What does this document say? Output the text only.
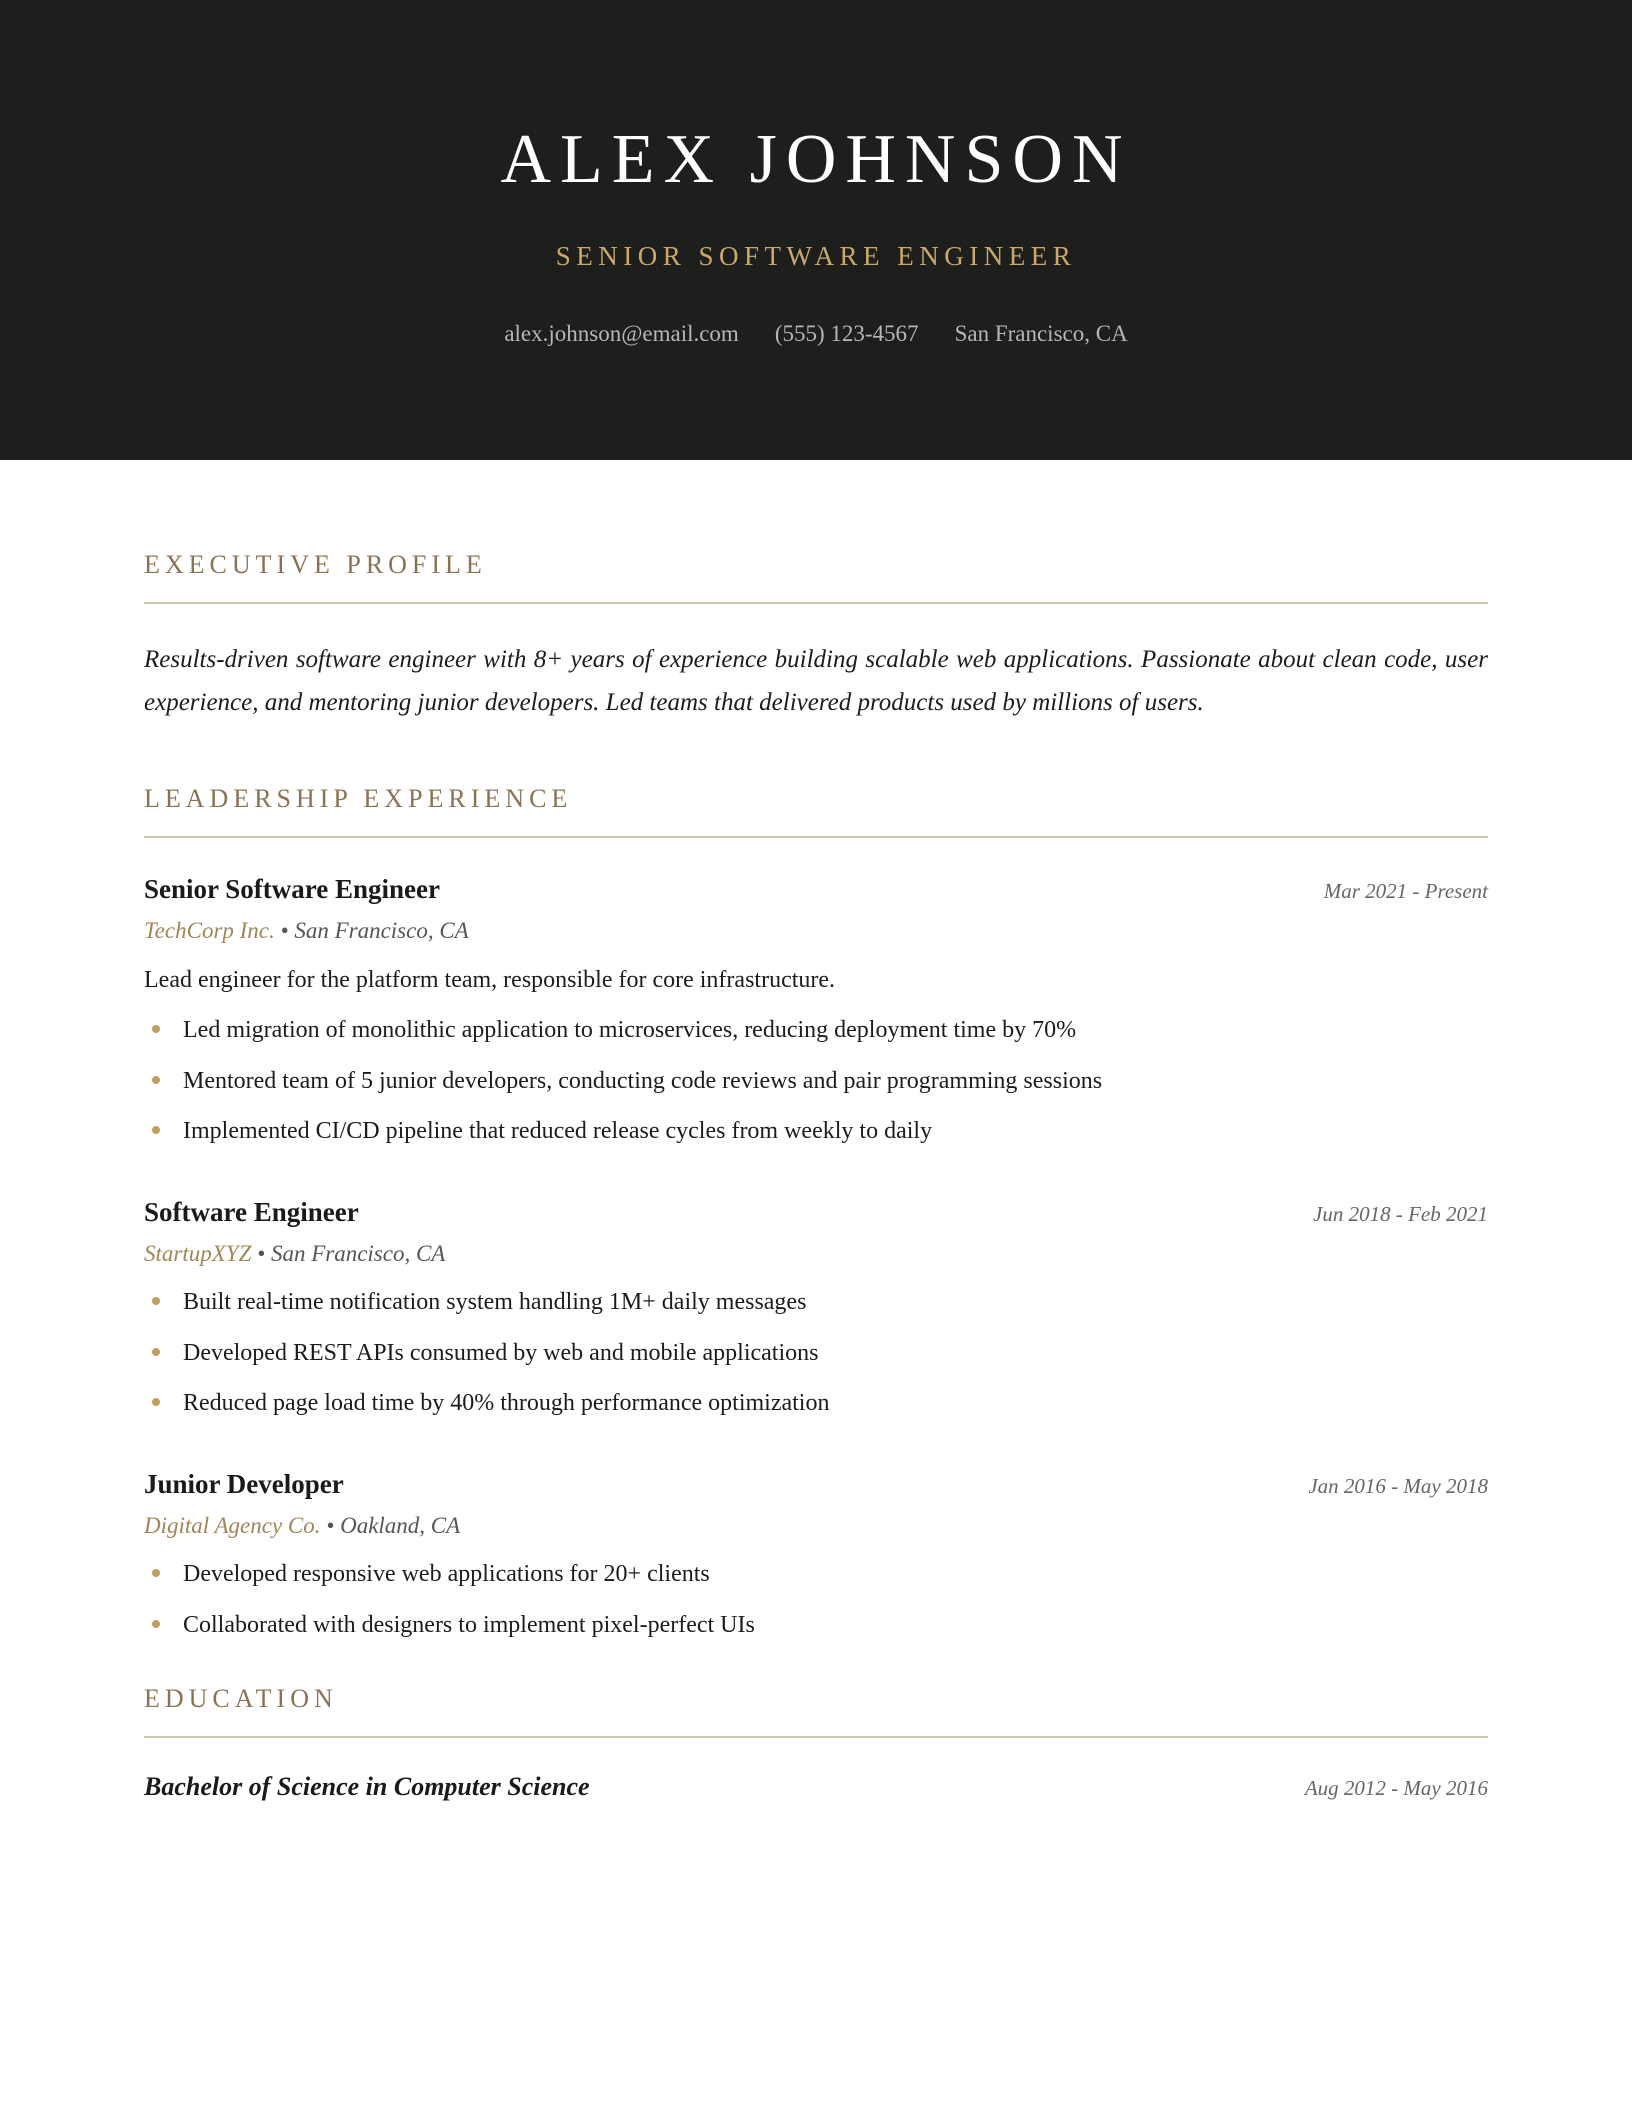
ALEX JOHNSON
SENIOR SOFTWARE ENGINEER
alex.johnson@email.com (555) 123-4567 San Francisco, CA
EXECUTIVE PROFILE

Results-driven software engineer with 8+ years of experience building scalable web applications. Passionate about clean code, user experience, and mentoring junior developers. Led teams that delivered products used by millions of users.

LEADERSHIP EXPERIENCE
Senior Software Engineer	Mar 2021 - Present
TechCorp Inc. • San Francisco, CA

Lead engineer for the platform team, responsible for core infrastructure.

Led migration of monolithic application to microservices, reducing deployment time by 70%
Mentored team of 5 junior developers, conducting code reviews and pair programming sessions
Implemented CI/CD pipeline that reduced release cycles from weekly to daily
Software Engineer	Jun 2018 - Feb 2021
StartupXYZ • San Francisco, CA
Built real-time notification system handling 1M+ daily messages
Developed REST APIs consumed by web and mobile applications
Reduced page load time by 40% through performance optimization
Junior Developer	Jan 2016 - May 2018
Digital Agency Co. • Oakland, CA
Developed responsive web applications for 20+ clients
Collaborated with designers to implement pixel-perfect UIs
EDUCATION
Bachelor of Science in Computer Science	Aug 2012 - May 2016
